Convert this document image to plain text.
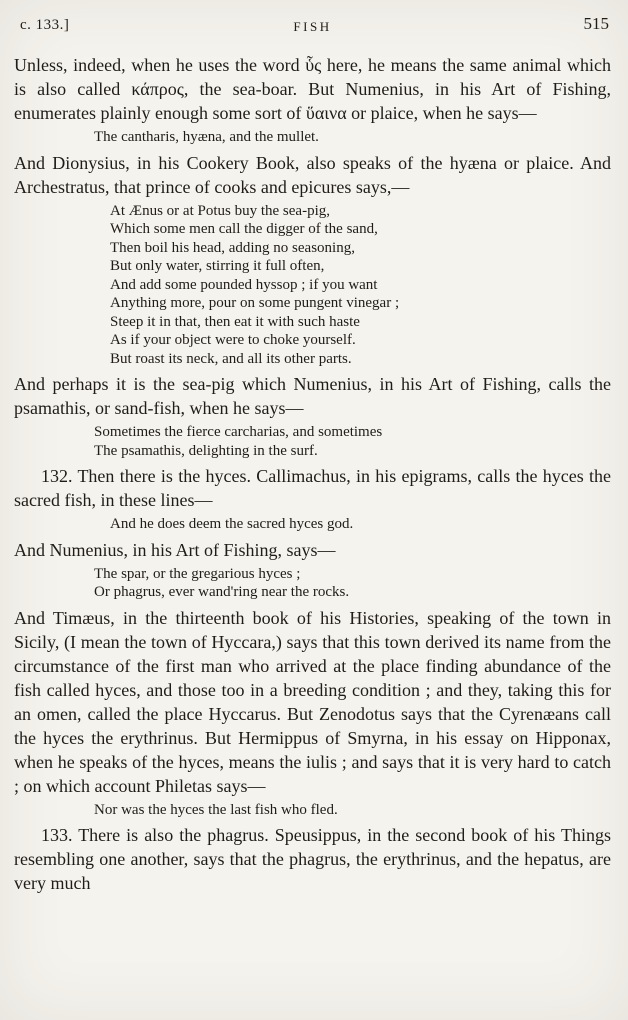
c. 133.]	FISH	515

Unless, indeed, when he uses the word ὗς here, he means the same animal which is also called κάπρος, the sea-boar. But Numenius, in his Art of Fishing, enumerates plainly enough some sort of ὕαινα or plaice, when he says—

The cantharis, hyæna, and the mullet.

And Dionysius, in his Cookery Book, also speaks of the hyæna or plaice. And Archestratus, that prince of cooks and epicures says,—

At Ænus or at Potus buy the sea-pig,
Which some men call the digger of the sand,
Then boil his head, adding no seasoning,
But only water, stirring it full often,
And add some pounded hyssop ; if you want
Anything more, pour on some pungent vinegar ;
Steep it in that, then eat it with such haste
As if your object were to choke yourself.
But roast its neck, and all its other parts.

And perhaps it is the sea-pig which Numenius, in his Art of Fishing, calls the psamathis, or sand-fish, when he says—

Sometimes the fierce carcharias, and sometimes
The psamathis, delighting in the surf.

132. Then there is the hyces. Callimachus, in his epigrams, calls the hyces the sacred fish, in these lines—

And he does deem the sacred hyces god.

And Numenius, in his Art of Fishing, says—

The spar, or the gregarious hyces ;
Or phagrus, ever wand'ring near the rocks.

And Timæus, in the thirteenth book of his Histories, speaking of the town in Sicily, (I mean the town of Hyccara,) says that this town derived its name from the circumstance of the first man who arrived at the place finding abundance of the fish called hyces, and those too in a breeding condition ; and they, taking this for an omen, called the place Hyccarus. But Zenodotus says that the Cyrenæans call the hyces the erythrinus. But Hermippus of Smyrna, in his essay on Hipponax, when he speaks of the hyces, means the iulis ; and says that it is very hard to catch ; on which account Philetas says—

Nor was the hyces the last fish who fled.

133. There is also the phagrus. Speusippus, in the second book of his Things resembling one another, says that the phagrus, the erythrinus, and the hepatus, are very much
